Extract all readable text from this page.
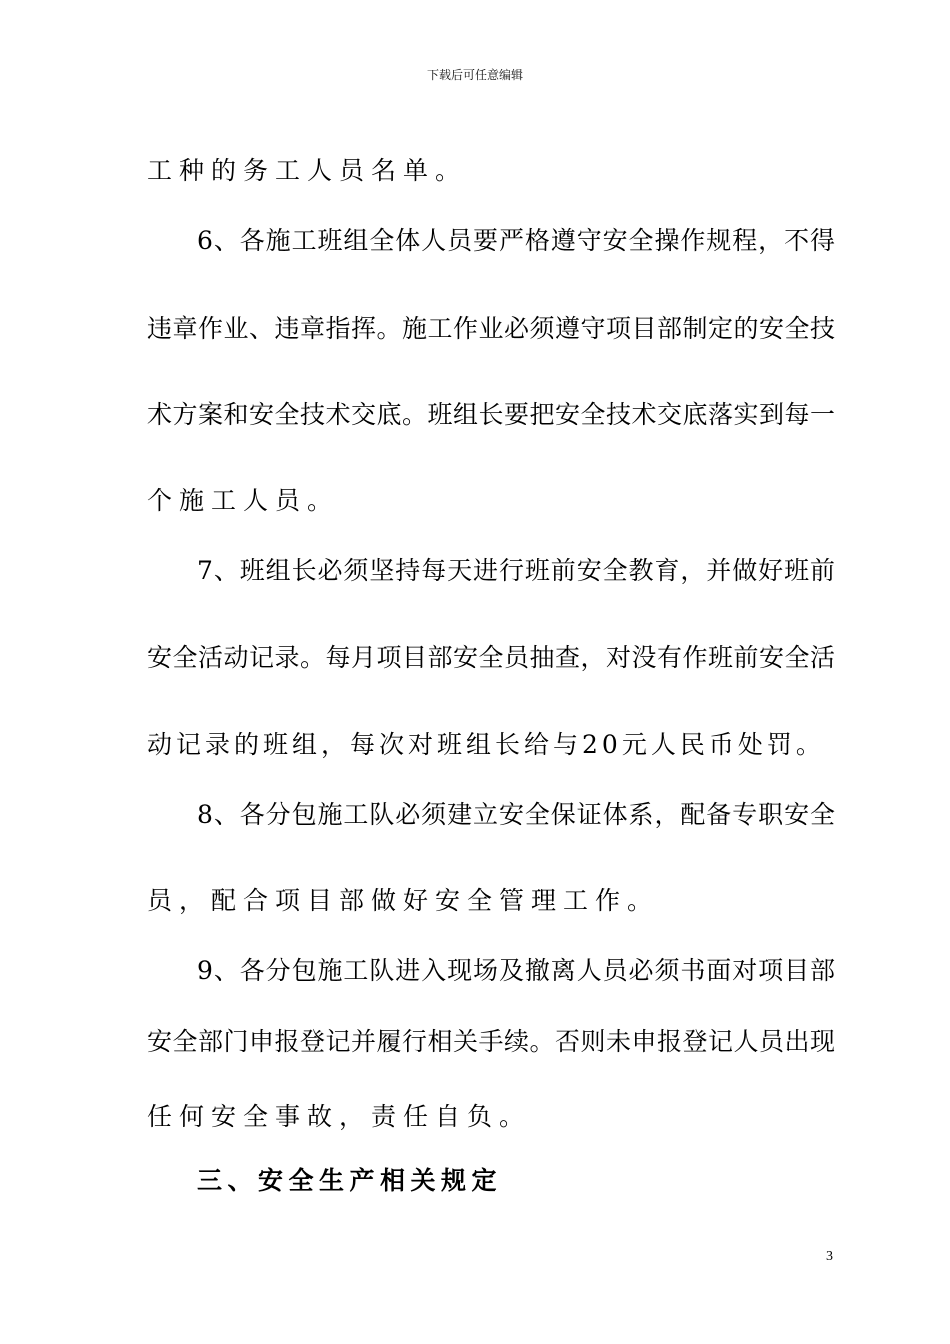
下载后可任意编辑
工种的务工人员名单。
6、各施工班组全体人员要严格遵守安全操作规程，不得
违章作业、违章指挥。施工作业必须遵守项目部制定的安全技
术方案和安全技术交底。班组长要把安全技术交底落实到每一
个施工人员。
7、班组长必须坚持每天进行班前安全教育，并做好班前
安全活动记录。每月项目部安全员抽查，对没有作班前安全活
动记录的班组，每次对班组长给与20元人民币处罚。
8、各分包施工队必须建立安全保证体系，配备专职安全
员，配合项目部做好安全管理工作。
9、各分包施工队进入现场及撤离人员必须书面对项目部
安全部门申报登记并履行相关手续。否则未申报登记人员出现
任何安全事故，责任自负。
三、安全生产相关规定
3
